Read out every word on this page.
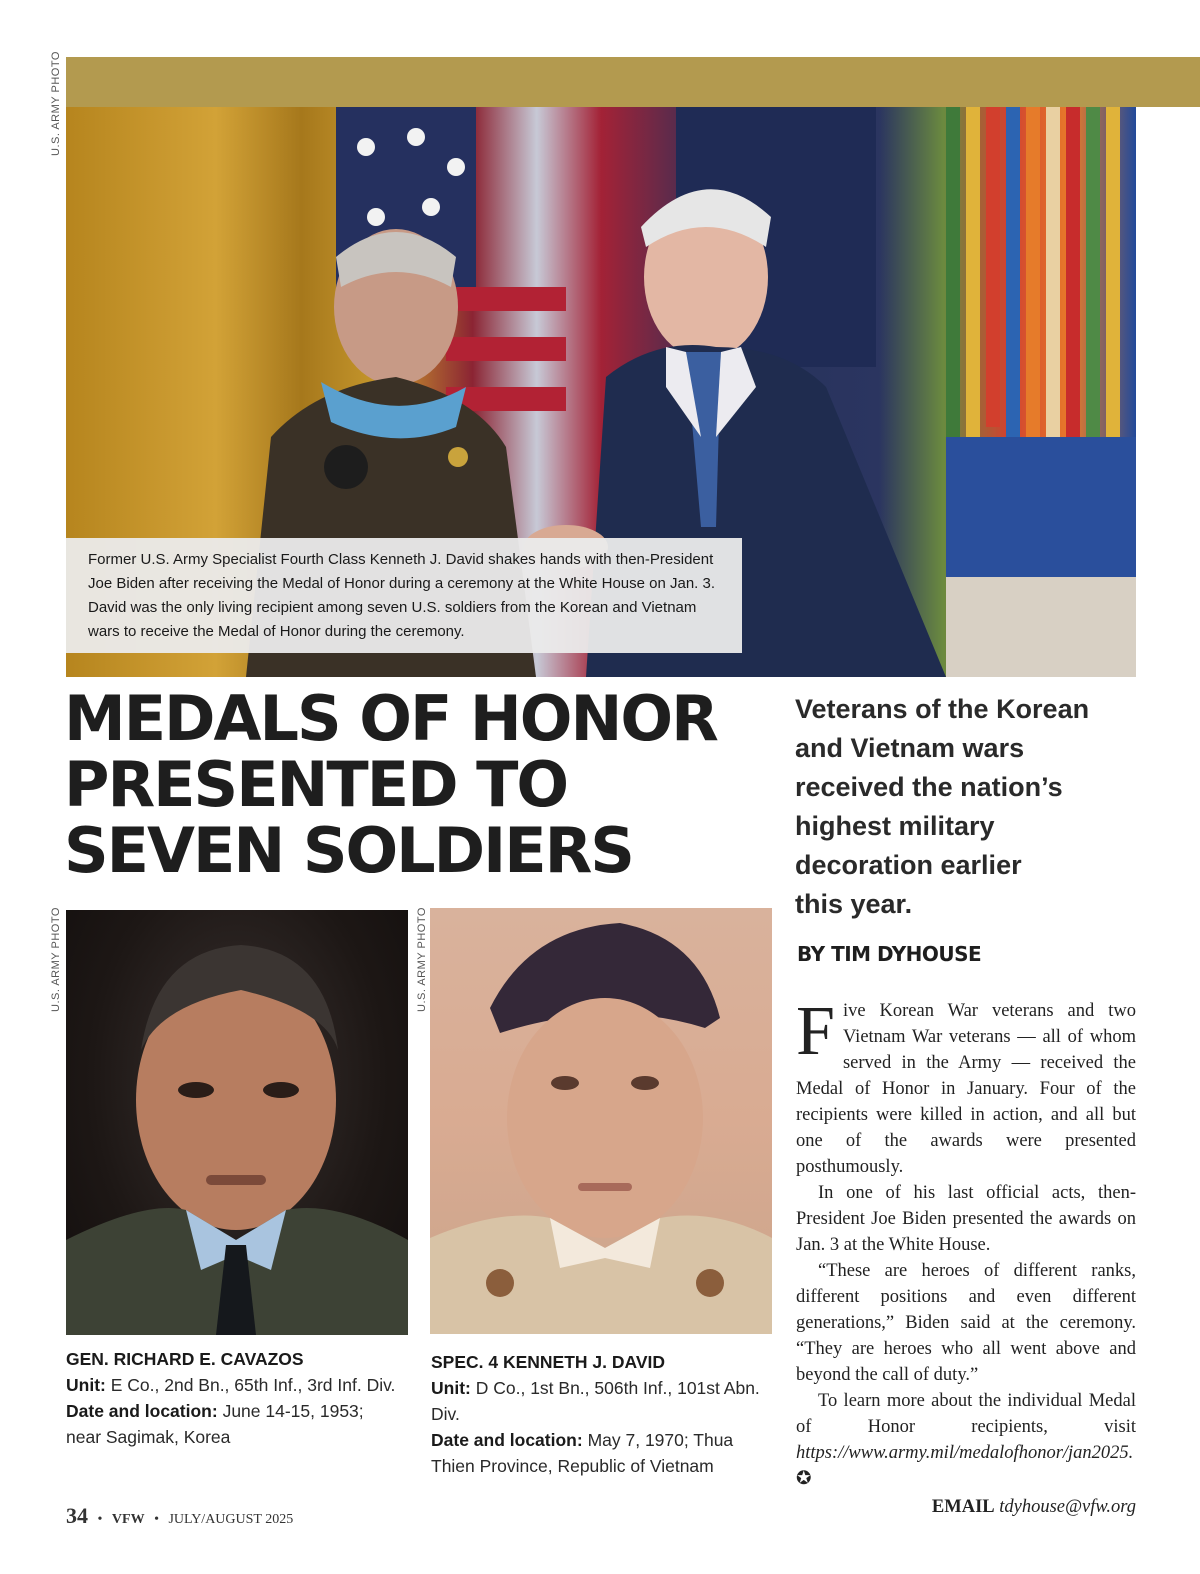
U.S. ARMY PHOTO

Former U.S. Army Specialist Fourth Class Kenneth J. David shakes hands with then-President Joe Biden after receiving the Medal of Honor during a ceremony at the White House on Jan. 3. David was the only living recipient among seven U.S. soldiers from the Korean and Vietnam wars to receive the Medal of Honor during the ceremony.

MEDALS OF HONOR
PRESENTED TO
SEVEN SOLDIERS
Veterans of the Korean
and Vietnam wars
received the nation’s
highest military
decoration earlier
this year.
BY TIM DYHOUSE

Five Korean War veterans and two Vietnam War veterans — all of whom served in the Army — received the Medal of Honor in January. Four of the recipients were killed in action, and all but one of the awards were presented posthumously.

In one of his last official acts, then-President Joe Biden presented the awards on Jan. 3 at the White House.

“These are heroes of different ranks, different positions and even different generations,” Biden said at the ceremony. “They are heroes who all went above and beyond the call of duty.”

To learn more about the individual Medal of Honor recipients, visit https://www.army.mil/medalofhonor/jan2025. ✪

EMAIL tdyhouse@vfw.org
U.S. ARMY PHOTO	U.S. ARMY PHOTO
GEN. RICHARD E. CAVAZOS
Unit: E Co., 2nd Bn., 65th Inf., 3rd Inf. Div.
Date and location: June 14-15, 1953; near Sagimak, Korea
SPEC. 4 KENNETH J. DAVID
Unit: D Co., 1st Bn., 506th Inf., 101st Abn. Div.
Date and location: May 7, 1970; Thua Thien Province, Republic of Vietnam
34 • VFW • JULY/AUGUST 2025
